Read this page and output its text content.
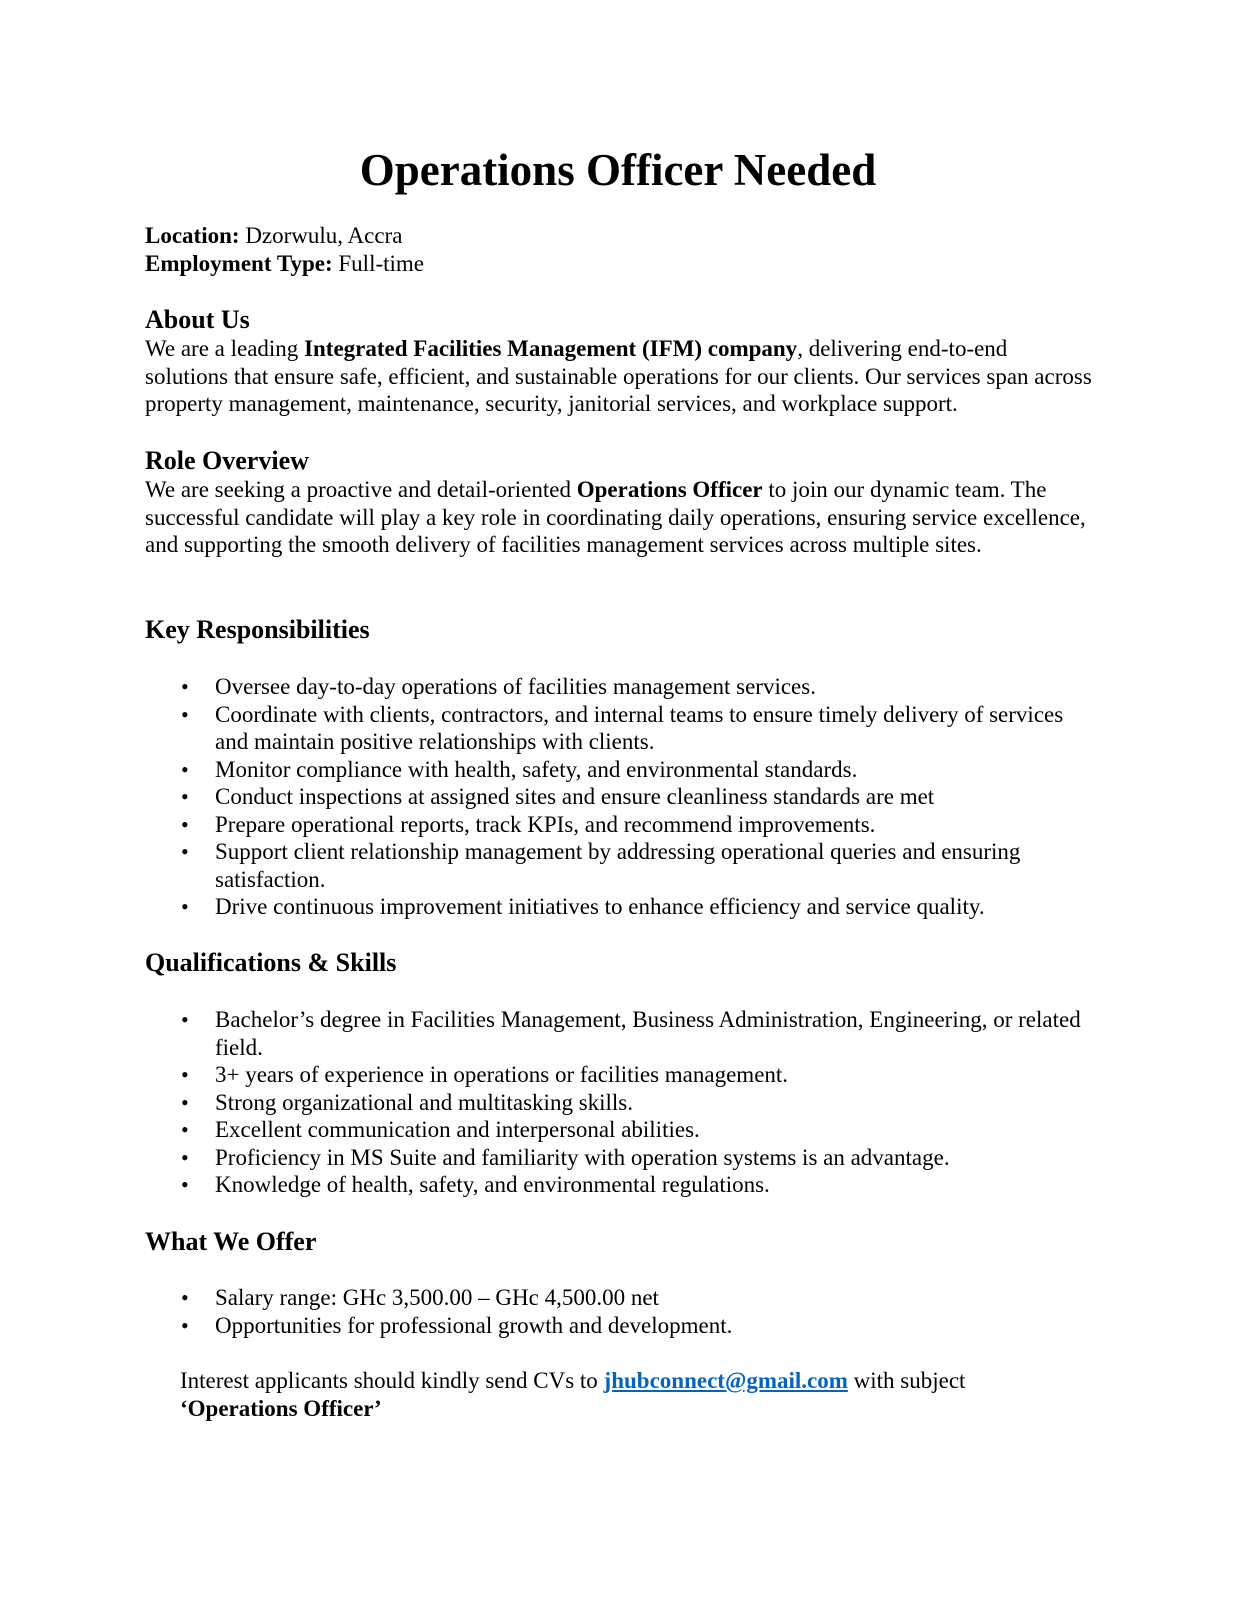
Operations Officer Needed
Location: Dzorwulu, Accra
Employment Type: Full-time
About Us

We are a leading Integrated Facilities Management (IFM) company, delivering end-to-end solutions that ensure safe, efficient, and sustainable operations for our clients. Our services span across property management, maintenance, security, janitorial services, and workplace support.

Role Overview

We are seeking a proactive and detail-oriented Operations Officer to join our dynamic team. The successful candidate will play a key role in coordinating daily operations, ensuring service excellence, and supporting the smooth delivery of facilities management services across multiple sites.

Key Responsibilities
• Oversee day-to-day operations of facilities management services.
• Coordinate with clients, contractors, and internal teams to ensure timely delivery of services and maintain positive relationships with clients.
• Monitor compliance with health, safety, and environmental standards.
• Conduct inspections at assigned sites and ensure cleanliness standards are met
• Prepare operational reports, track KPIs, and recommend improvements.
• Support client relationship management by addressing operational queries and ensuring satisfaction.
• Drive continuous improvement initiatives to enhance efficiency and service quality.
Qualifications & Skills
• Bachelor’s degree in Facilities Management, Business Administration, Engineering, or related field.
• 3+ years of experience in operations or facilities management.
• Strong organizational and multitasking skills.
• Excellent communication and interpersonal abilities.
• Proficiency in MS Suite and familiarity with operation systems is an advantage.
• Knowledge of health, safety, and environmental regulations.
What We Offer
• Salary range: GHc 3,500.00 – GHc 4,500.00 net
• Opportunities for professional growth and development.
Interest applicants should kindly send CVs to jhubconnect@gmail.com with subject
‘Operations Officer’
